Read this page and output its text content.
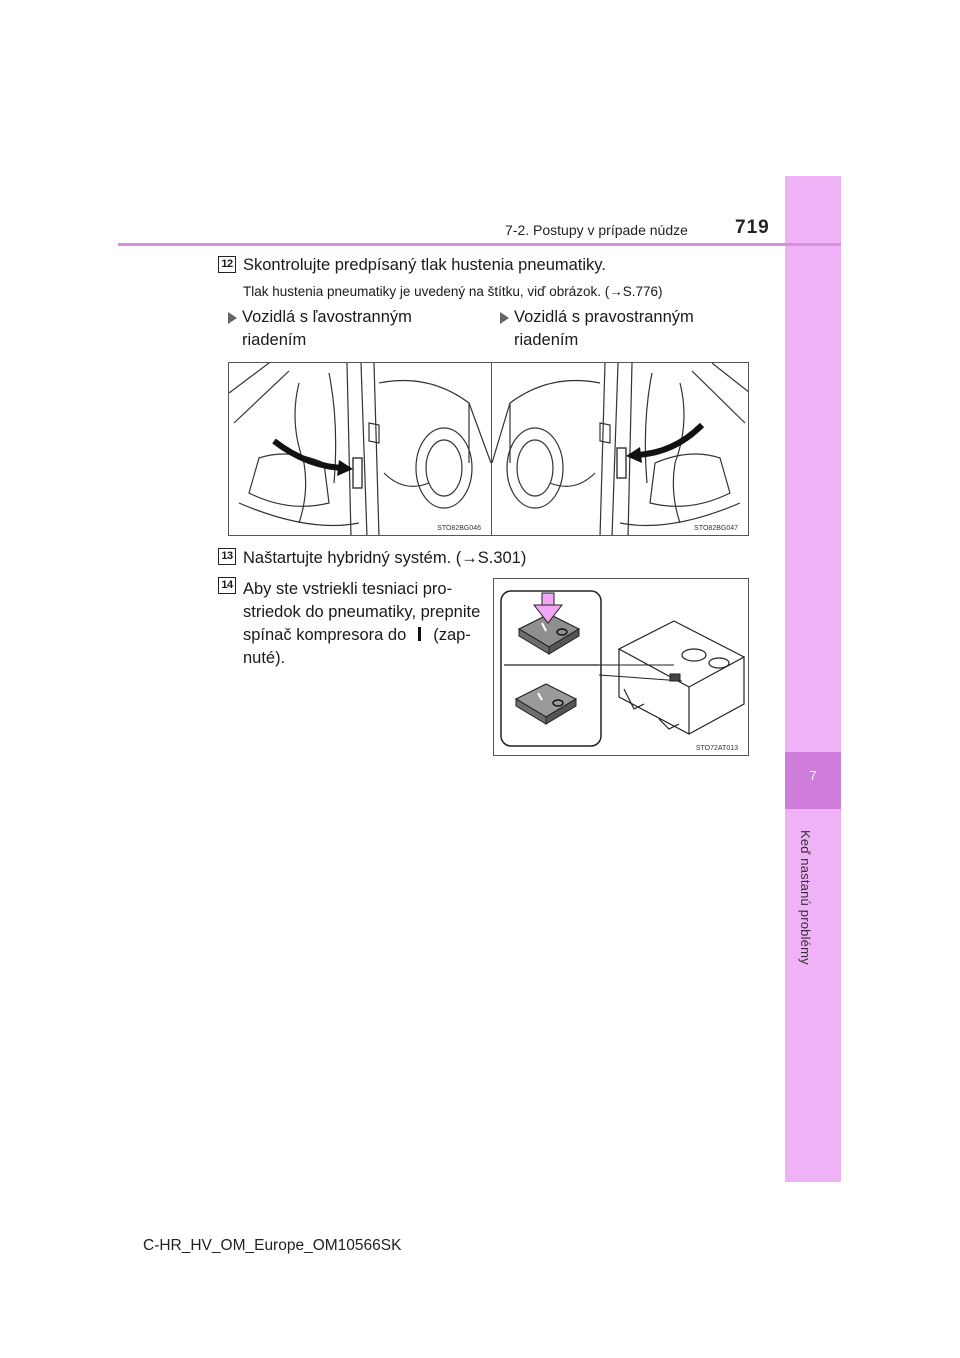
7
Keď nastanú problémy
7-2. Postupy v prípade núdze 719
12 Skontrolujte predpísaný tlak hustenia pneumatiky.
Tlak hustenia pneumatiky je uvedený na štítku, viď obrázok. (→S.776)
Vozidlá s ľavostranným
riadením
Vozidlá s pravostranným
riadením
STO82BG046	STO82BG047
13 Naštartujte hybridný systém. (→S.301)
14 Aby ste vstriekli tesniaci pro-
striedok do pneumatiky, prepnite
spínač kompresora do (zap-
nuté).
STO72AT013
C-HR_HV_OM_Europe_OM10566SK
